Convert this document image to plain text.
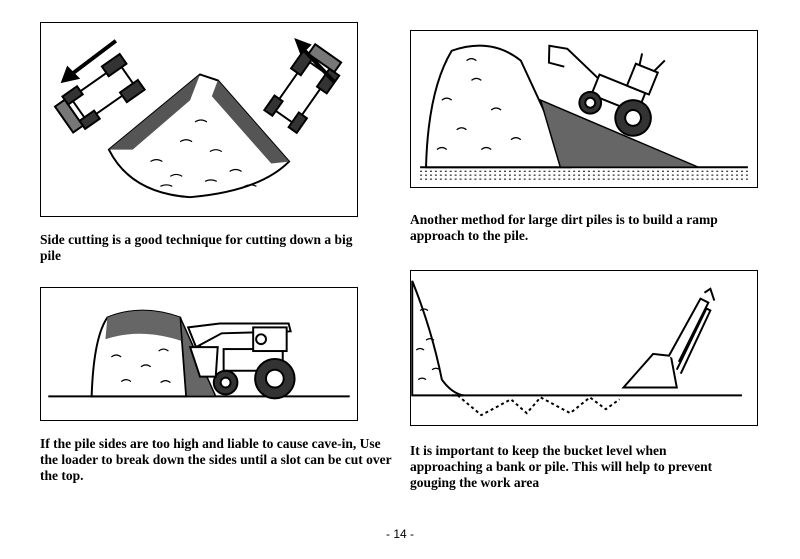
Side cutting is a good technique for cutting down a big pile

Another method for large dirt piles is to build a ramp approach to the pile.

If the pile sides are too high and liable to cause cave-in, Use the loader to break down the sides until a slot can be cut over the top.

It is important to keep the bucket level when approaching a bank or pile. This will help to prevent gouging the work area

- 14 -
